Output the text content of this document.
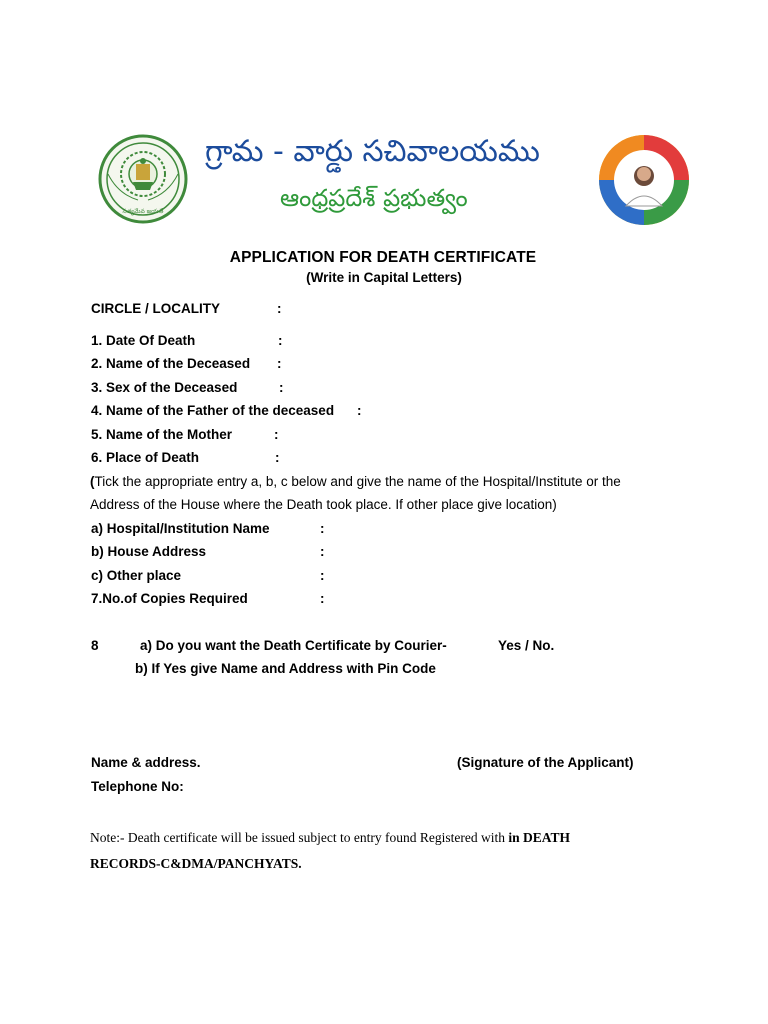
సత్యమేవ జయతే
గ్రామ - వార్డు సచివాలయము
ఆంధ్రప్రదేశ్ ప్రభుత్వం
APPLICATION FOR DEATH CERTIFICATE
(Write in Capital Letters)
CIRCLE / LOCALITY	:
1. Date Of Death	:
2. Name of the Deceased :
3. Sex of the Deceased	:
4. Name of the Father of the deceased :
5. Name of the Mother	:
6. Place of Death	:
(Tick the appropriate entry a, b, c below and give the name of the Hospital/Institute or the
Address of the House where the Death took place. If other place give location)
a) Hospital/Institution Name	:
b) House Address	:
c) Other place	:
7.No.of Copies Required	:
8	a) Do you want the Death Certificate by Courier-	Yes / No.
b) If Yes give Name and Address with Pin Code
Name & address.	(Signature of the Applicant)
Telephone No:
Note:- Death certificate will be issued subject to entry found Registered with in DEATH
RECORDS-C&DMA/PANCHYATS.
